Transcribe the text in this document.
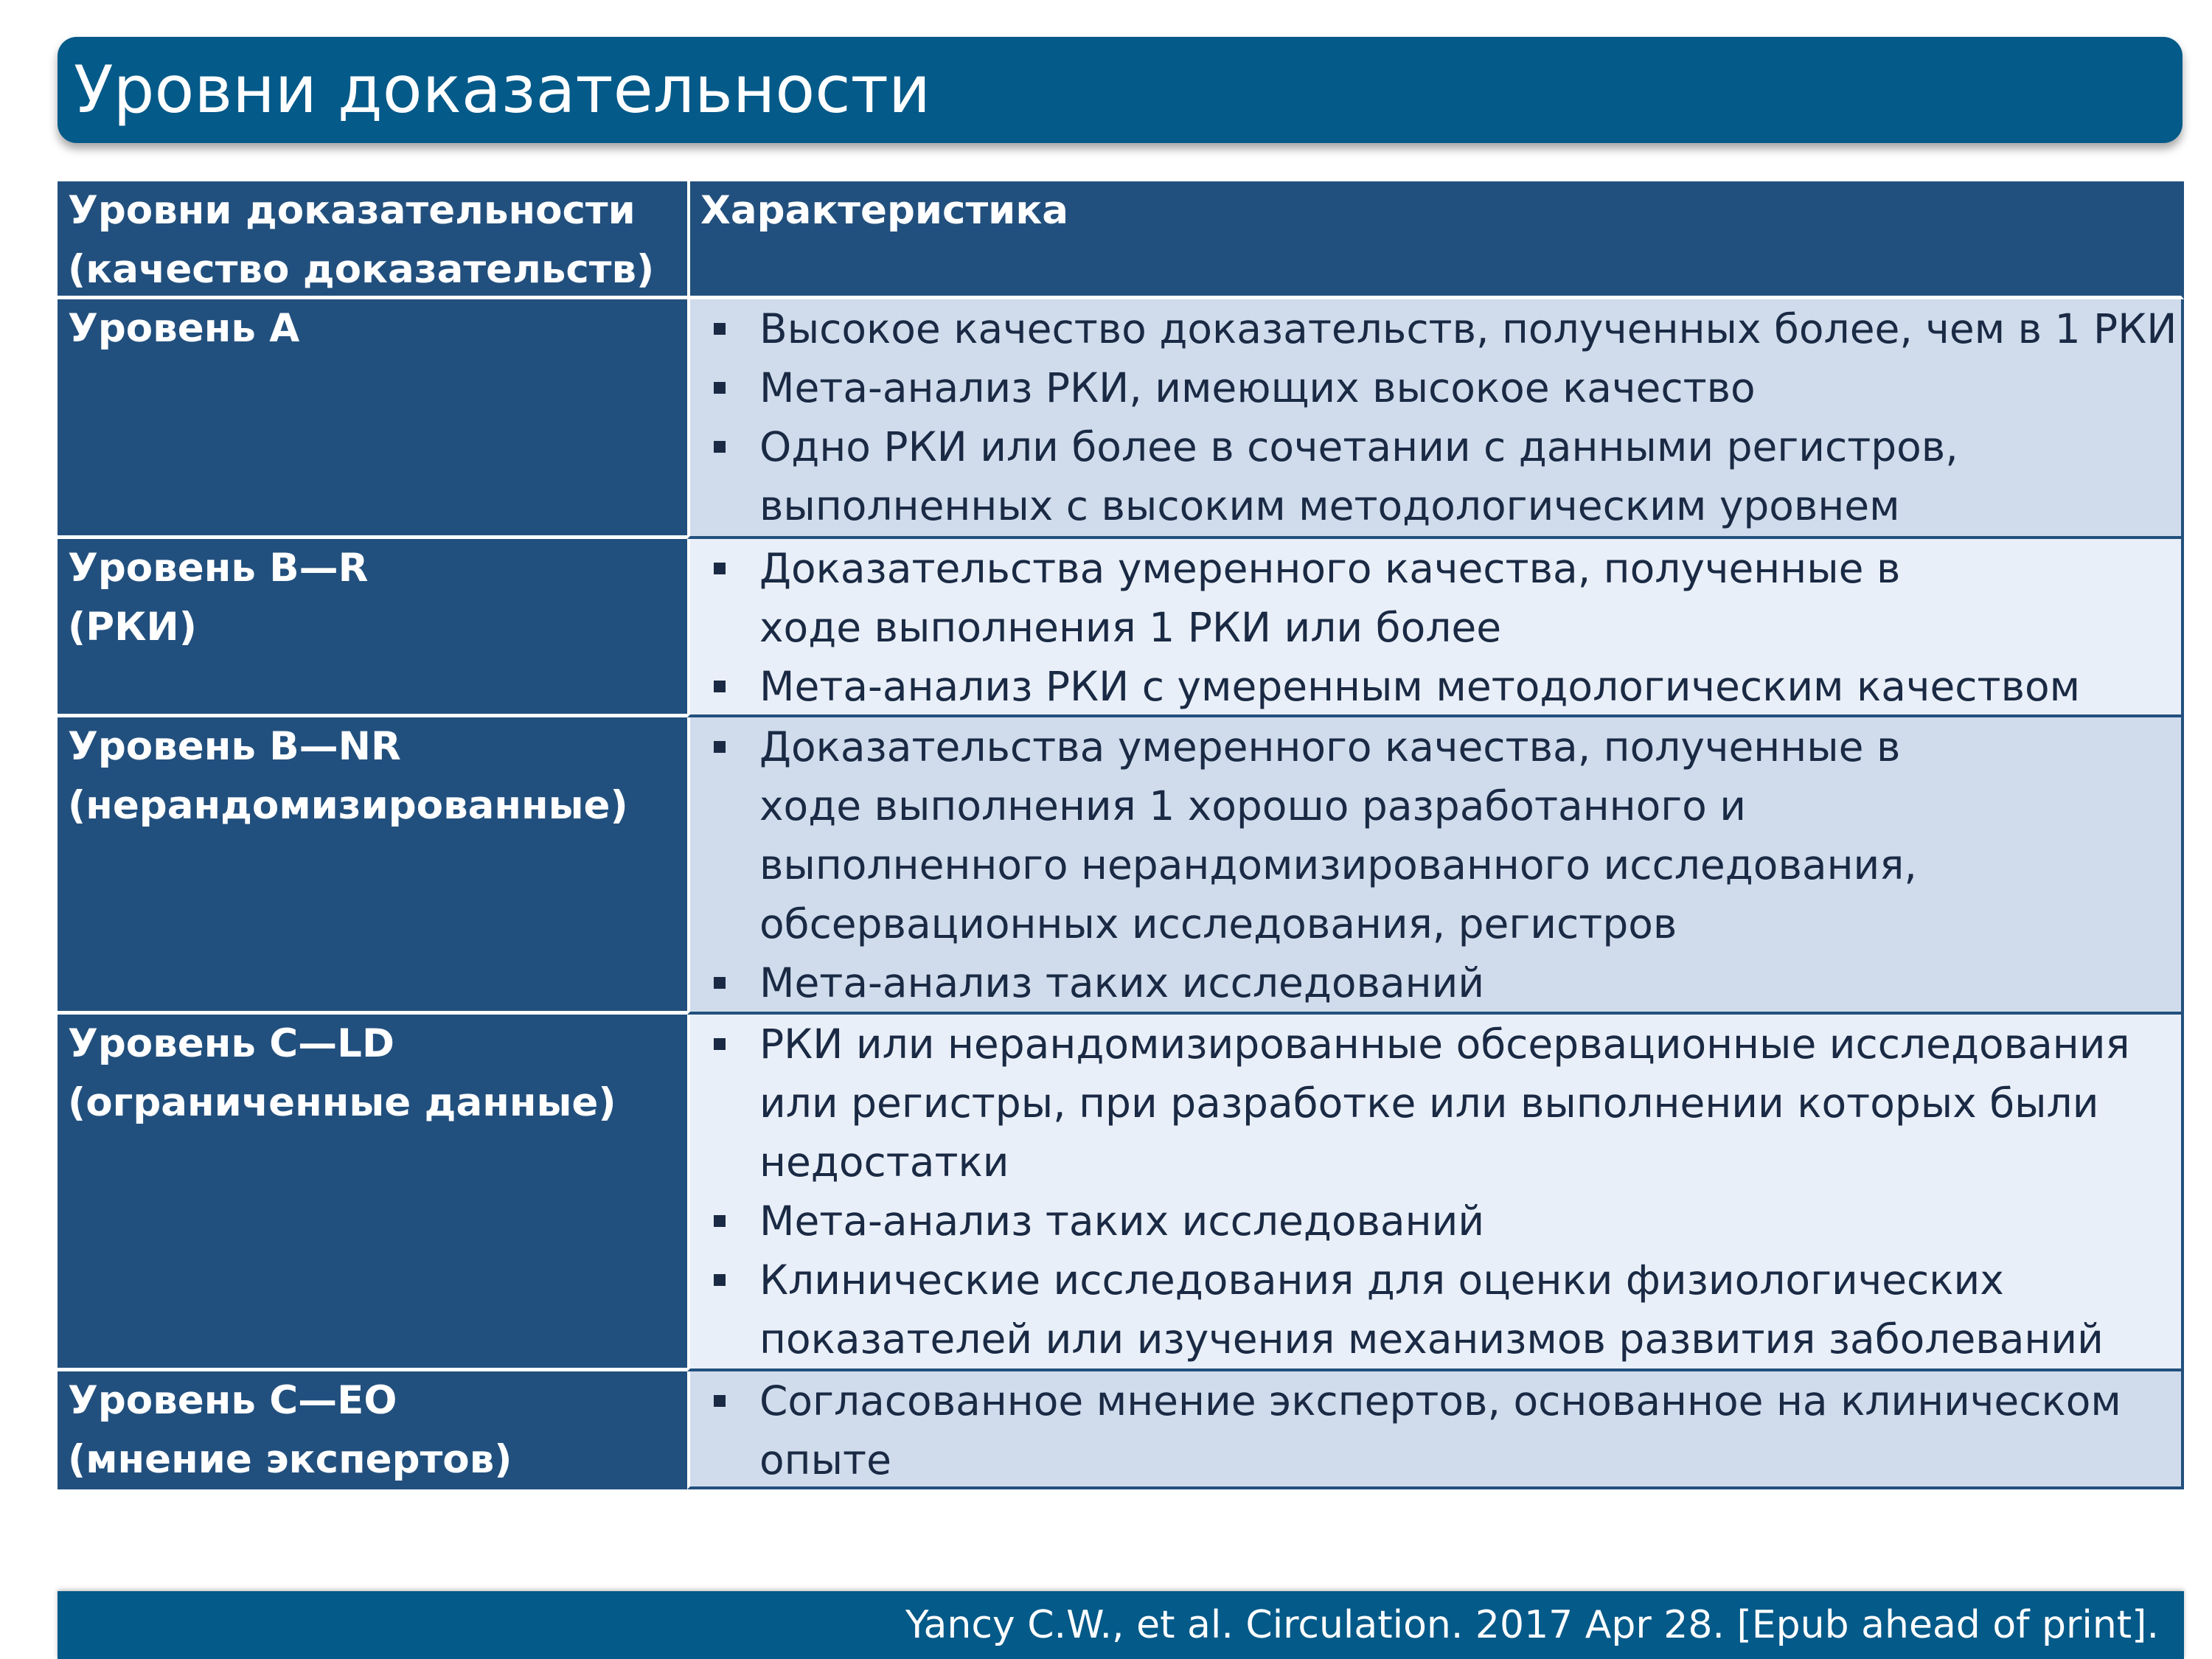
Уровни доказательности
Уровни доказательности
(качество доказательств)
Характеристика
Уровень А	Высокое качество доказательств, полученных более, чем в 1 РКИ
Мета-анализ РКИ, имеющих высокое качество
Одно РКИ или более в сочетании с данными регистров, выполненных с высоким методологическим уровнем
Уровень В—R
(РКИ)
Доказательства умеренного качества, полученные в ходе выполнения 1 РКИ или более
Мета-анализ РКИ с умеренным методологическим качеством
Уровень В—NR
(нерандомизированные)
Доказательства умеренного качества, полученные в ходе выполнения 1 хорошо разработанного и выполненного нерандомизированного исследования, обсервационных исследования, регистров
Мета-анализ таких исследований
Уровень С—LD
(ограниченные данные)
РКИ или нерандомизированные обсервационные исследования или регистры, при разработке или выполнении которых были недостатки
Мета-анализ таких исследований
Клинические исследования для оценки физиологических показателей или изучения механизмов развития заболеваний
Уровень С—ЕО
(мнение экспертов)
Согласованное мнение экспертов, основанное на клиническом опыте
Yancy C.W., et al. Circulation. 2017 Apr 28. [Epub ahead of print].
